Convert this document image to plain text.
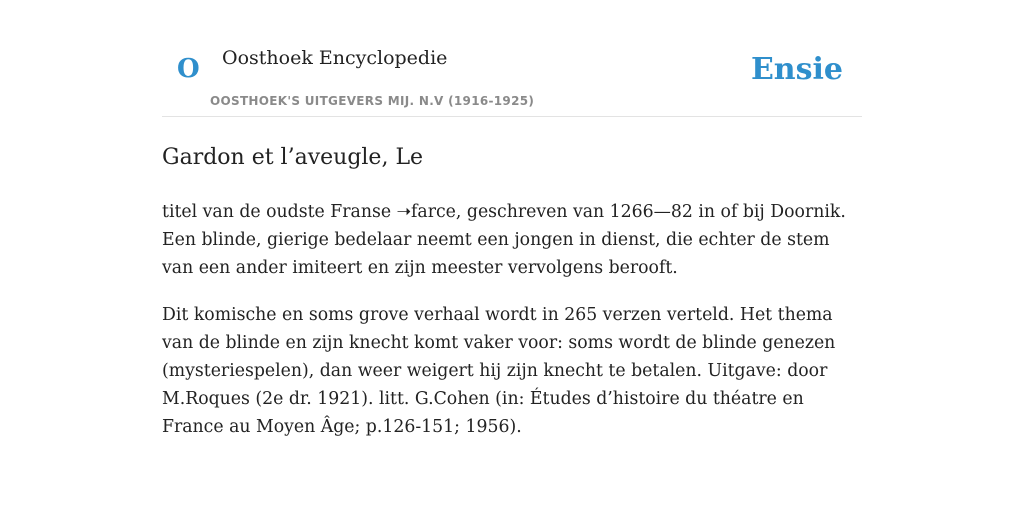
O Oosthoek Encyclopedie
OOSTHOEK'S UITGEVERS MIJ. N.V (1916-1925)
Ensie
Gardon et l’aveugle, Le

titel van de oudste Franse ➝farce, geschreven van 1266—82 in of bij Doornik. Een blinde, gierige bedelaar neemt een jongen in dienst, die echter de stem van een ander imiteert en zijn meester vervolgens berooft.

Dit komische en soms grove verhaal wordt in 265 verzen verteld. Het thema van de blinde en zijn knecht komt vaker voor: soms wordt de blinde genezen (mysteriespelen), dan weer weigert hij zijn knecht te betalen. Uitgave: door M.Roques (2e dr. 1921). litt. G.Cohen (in: Études d’histoire du théatre en France au Moyen Âge; p.126-151; 1956).
